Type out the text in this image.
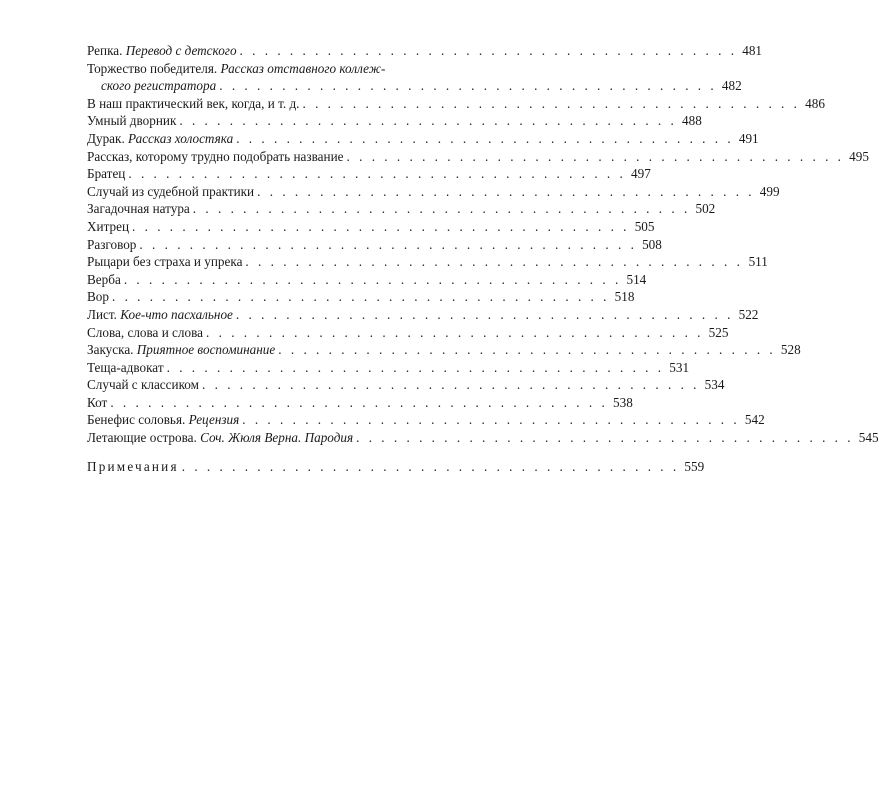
Репка.
Перевод с детского . . . . . . . . . . . . . . . . . . . . . . . . . . . . . . . . . . . . . . . . 481
Торжество победителя.
Рассказ отставного коллеж-
ского регистратора . . . . . . . . . . . . . . . . . . . . . . . . . . . . . . . . . . . . . . . . 482
В наш практический век, когда, и т. д. . . . . . . . . . . . . . . . . . . . . . . . . . . . . . . . . . . . . . . . . 486
Умный дворник . . . . . . . . . . . . . . . . . . . . . . . . . . . . . . . . . . . . . . . . 488
Дурак.
Рассказ холостяка . . . . . . . . . . . . . . . . . . . . . . . . . . . . . . . . . . . . . . . . 491
Рассказ, которому трудно подобрать название . . . . . . . . . . . . . . . . . . . . . . . . . . . . . . . . . . . . . . . . 495
Братец . . . . . . . . . . . . . . . . . . . . . . . . . . . . . . . . . . . . . . . . 497
Случай из судебной практики . . . . . . . . . . . . . . . . . . . . . . . . . . . . . . . . . . . . . . . . 499
Загадочная натура . . . . . . . . . . . . . . . . . . . . . . . . . . . . . . . . . . . . . . . . 502
Хитрец . . . . . . . . . . . . . . . . . . . . . . . . . . . . . . . . . . . . . . . . 505
Разговор . . . . . . . . . . . . . . . . . . . . . . . . . . . . . . . . . . . . . . . . 508
Рыцари без страха и упрека . . . . . . . . . . . . . . . . . . . . . . . . . . . . . . . . . . . . . . . . 511
Верба . . . . . . . . . . . . . . . . . . . . . . . . . . . . . . . . . . . . . . . . 514
Вор . . . . . . . . . . . . . . . . . . . . . . . . . . . . . . . . . . . . . . . . 518
Лист.
Кое-что пасхальное . . . . . . . . . . . . . . . . . . . . . . . . . . . . . . . . . . . . . . . . 522
Слова, слова и слова . . . . . . . . . . . . . . . . . . . . . . . . . . . . . . . . . . . . . . . . 525
Закуска.
Приятное воспоминание . . . . . . . . . . . . . . . . . . . . . . . . . . . . . . . . . . . . . . . . 528
Теща-адвокат . . . . . . . . . . . . . . . . . . . . . . . . . . . . . . . . . . . . . . . . 531
Случай с классиком . . . . . . . . . . . . . . . . . . . . . . . . . . . . . . . . . . . . . . . . 534
Кот . . . . . . . . . . . . . . . . . . . . . . . . . . . . . . . . . . . . . . . . 538
Бенефис соловья.
Рецензия . . . . . . . . . . . . . . . . . . . . . . . . . . . . . . . . . . . . . . . . 542
Летающие острова.
Соч. Жюля Верна. Пародия . . . . . . . . . . . . . . . . . . . . . . . . . . . . . . . . . . . . . . . . 545
Примечания . . . . . . . . . . . . . . . . . . . . . . . . . . . . . . . . . . . . . . . . 559
